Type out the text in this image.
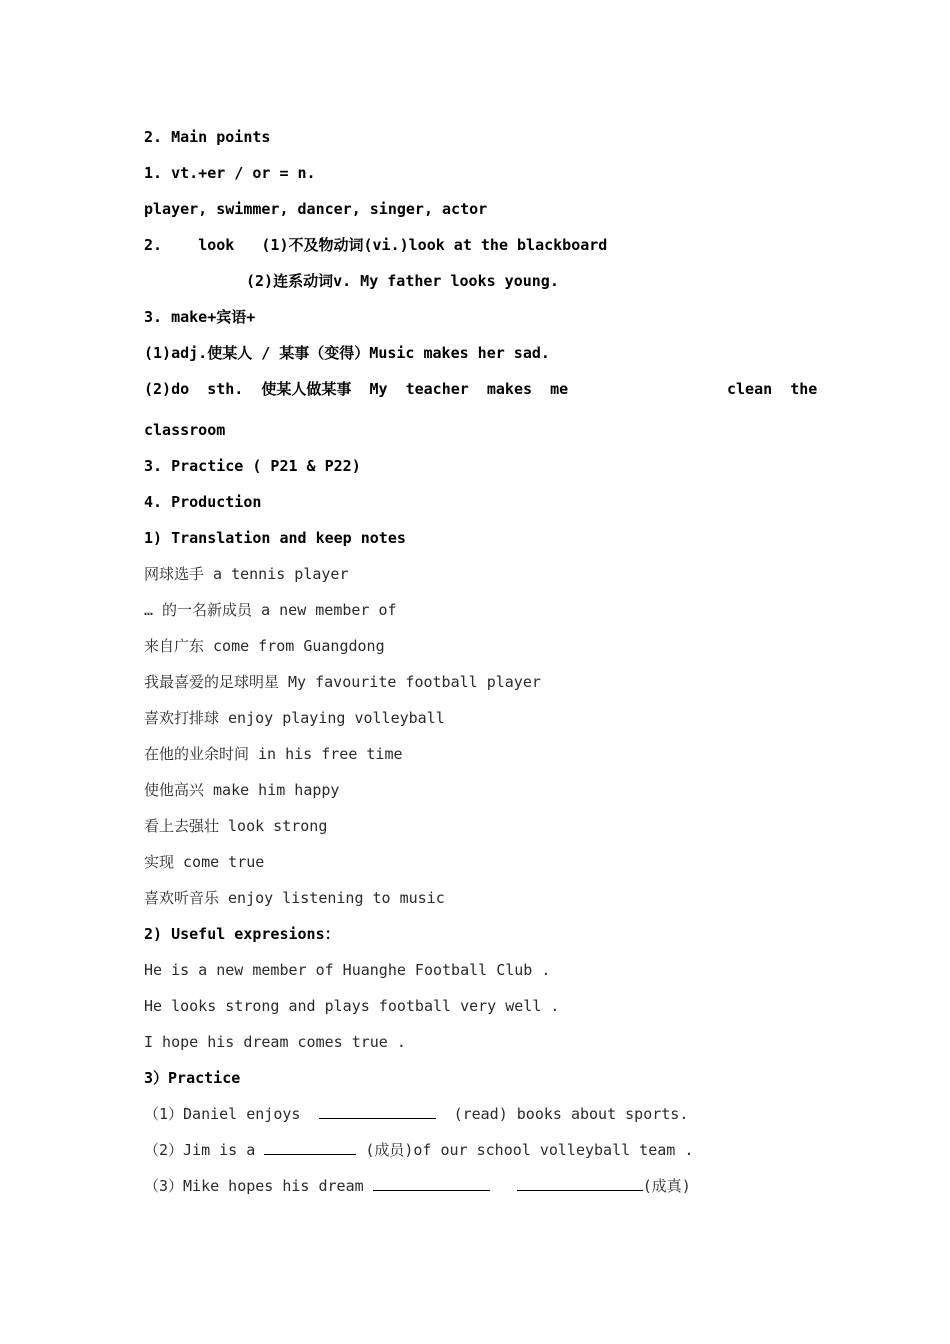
2. Main points
1. vt.+er / or = n.
player, swimmer, dancer, singer, actor
2. look (1)不及物动词(vi.)look at the blackboard
(2)连系动词v. My father looks young.
3. make+宾语+
(1)adj.使某人 / 某事（变得）Music makes her sad.
(2)do  sth.  使某人做某事  My  teacher  makes  me	clean  the
classroom
3. Practice ( P21 & P22)
4. Production
1) Translation and keep notes
网球选手 a tennis player
… 的一名新成员 a new member of
来自广东 come from Guangdong
我最喜爱的足球明星 My favourite football player
喜欢打排球 enjoy playing volleyball
在他的业余时间 in his free time
使他高兴 make him happy
看上去强壮 look strong
实现 come true
喜欢听音乐 enjoy listening to music
2) Useful expresions：
He is a new member of Huanghe Football Club .
He looks strong and plays football very well .
I hope his dream comes true .
3）Practice
（1）Daniel enjoys	(read) books about sports.
（2）Jim is a	(成员)of our school volleyball team .
（3）Mike hopes his dream	(成真)
